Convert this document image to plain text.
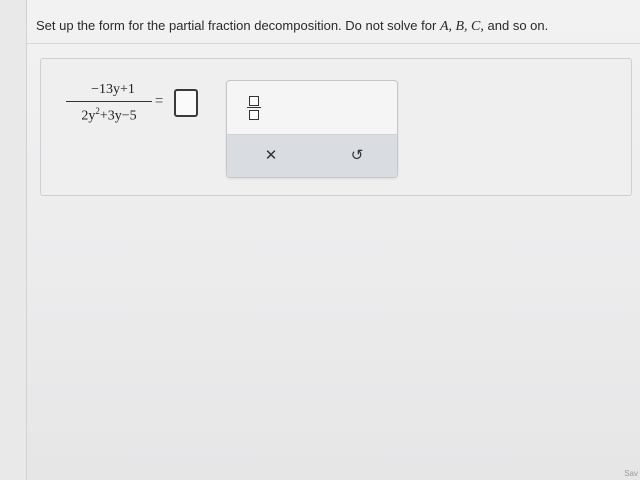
Set up the form for the partial fraction decomposition. Do not solve for A, B, C, and so on.
−13y+1
$2y^2+3y-5$
=
✕	↺
Sav
